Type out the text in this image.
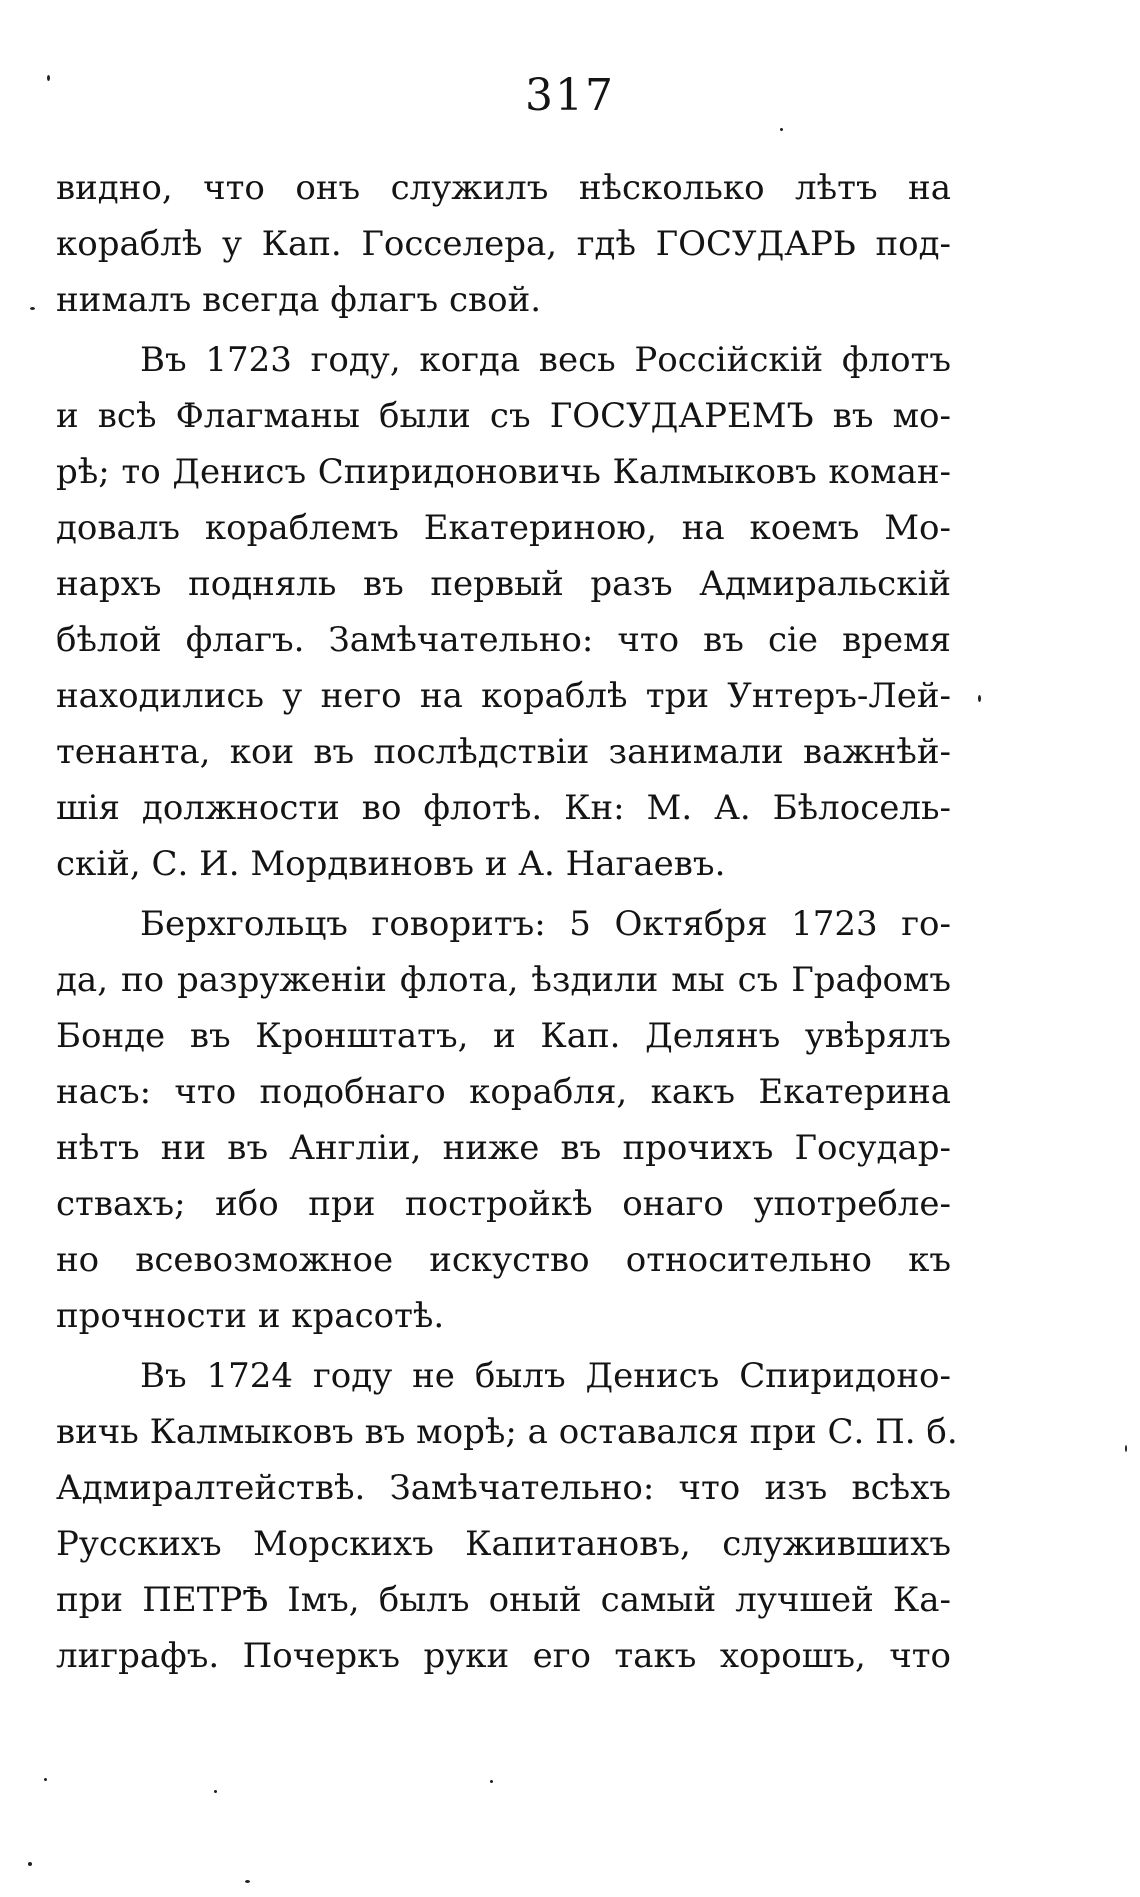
317
видно, что онъ служилъ нѣсколько лѣтъ на
кораблѣ у Кап. Госселера, гдѣ ГОСУДАРЬ под-
нималъ всегда флагъ свой.
Въ 1723 году, когда весь Россійскій флотъ
и всѣ Флагманы были съ ГОСУДАРЕМЪ въ мо-
рѣ; то Денисъ Спиридоновичь Калмыковъ коман-
довалъ кораблемъ Екатериною, на коемъ Мо-
нархъ подняль въ первый разъ Адмиральскій
бѣлой флагъ. Замѣчательно: что въ сіе время
находились у него на кораблѣ три Унтеръ-Лей-
тенанта, кои въ послѣдствіи занимали важнѣй-
шія должности во флотѣ. Кн: М. А. Бѣлосель-
скій, С. И. Мордвиновъ и А. Нагаевъ.
Берхгольцъ говоритъ: 5 Октября 1723 го-
да, по разруженіи флота, ѣздили мы съ Графомъ
Бонде въ Кронштатъ, и Кап. Делянъ увѣрялъ
насъ: что подобнаго корабля, какъ Екатерина
нѣтъ ни въ Англіи, ниже въ прочихъ Государ-
ствахъ; ибо при постройкѣ онаго употребле-
но всевозможное искуство относительно къ
прочности и красотѣ.
Въ 1724 году не былъ Денисъ Спиридоно-
вичь Калмыковъ въ морѣ; а оставался при С. П. б.
Адмиралтействѣ. Замѣчательно: что изъ всѣхъ
Русскихъ Морскихъ Капитановъ, служившихъ
при ПЕТРѢ Iмъ, былъ оный самый лучшей Ка-
лиграфъ. Почеркъ руки его такъ хорошъ, что
